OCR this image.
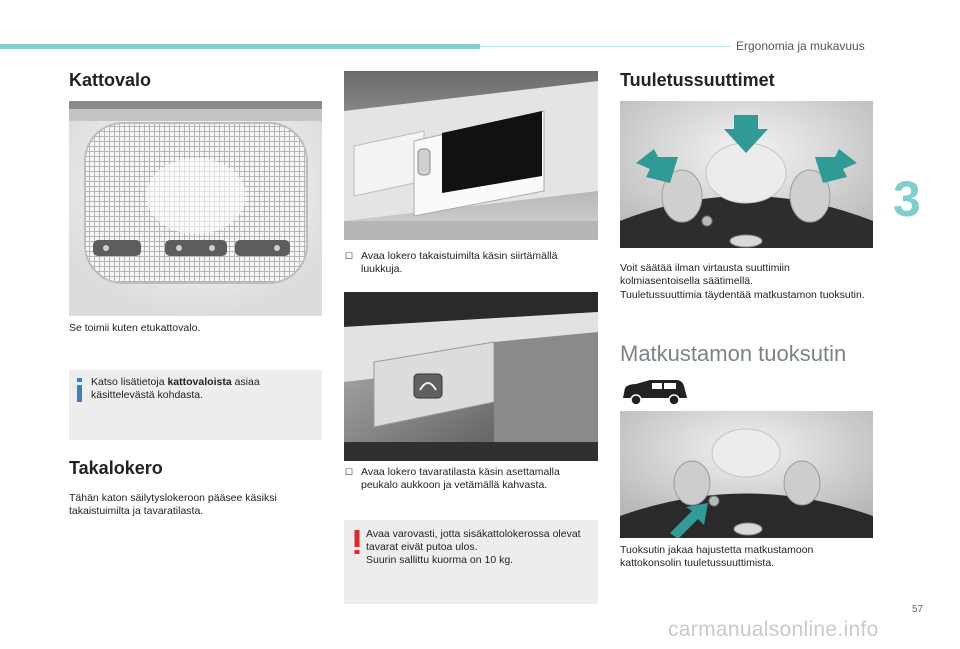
Ergonomia ja mukavuus
3
Kattovalo
Se toimii kuten etukattovalo.
Katso lisätietoja kattovaloista asiaa käsittelevästä kohdasta.
Takalokero
Tähän katon säilytyslokeroon pääsee käsiksi takaistuimilta ja tavaratilasta.
☐ Avaa lokero takaistuimilta käsin siirtämällä luukkuja.
☐ Avaa lokero tavaratilasta käsin asettamalla peukalo aukkoon ja vetämällä kahvasta.
Avaa varovasti, jotta sisäkattolokerossa olevat tavarat eivät putoa ulos.
Suurin sallittu kuorma on 10 kg.
Tuuletussuuttimet
Voit säätää ilman virtausta suuttimiin kolmiasentoisella säätimellä.
Tuuletussuuttimia täydentää matkustamon tuoksutin.
Matkustamon tuoksutin
Tuoksutin jakaa hajustetta matkustamoon kattokonsolin tuuletussuuttimista.
57
carmanualsonline.info
